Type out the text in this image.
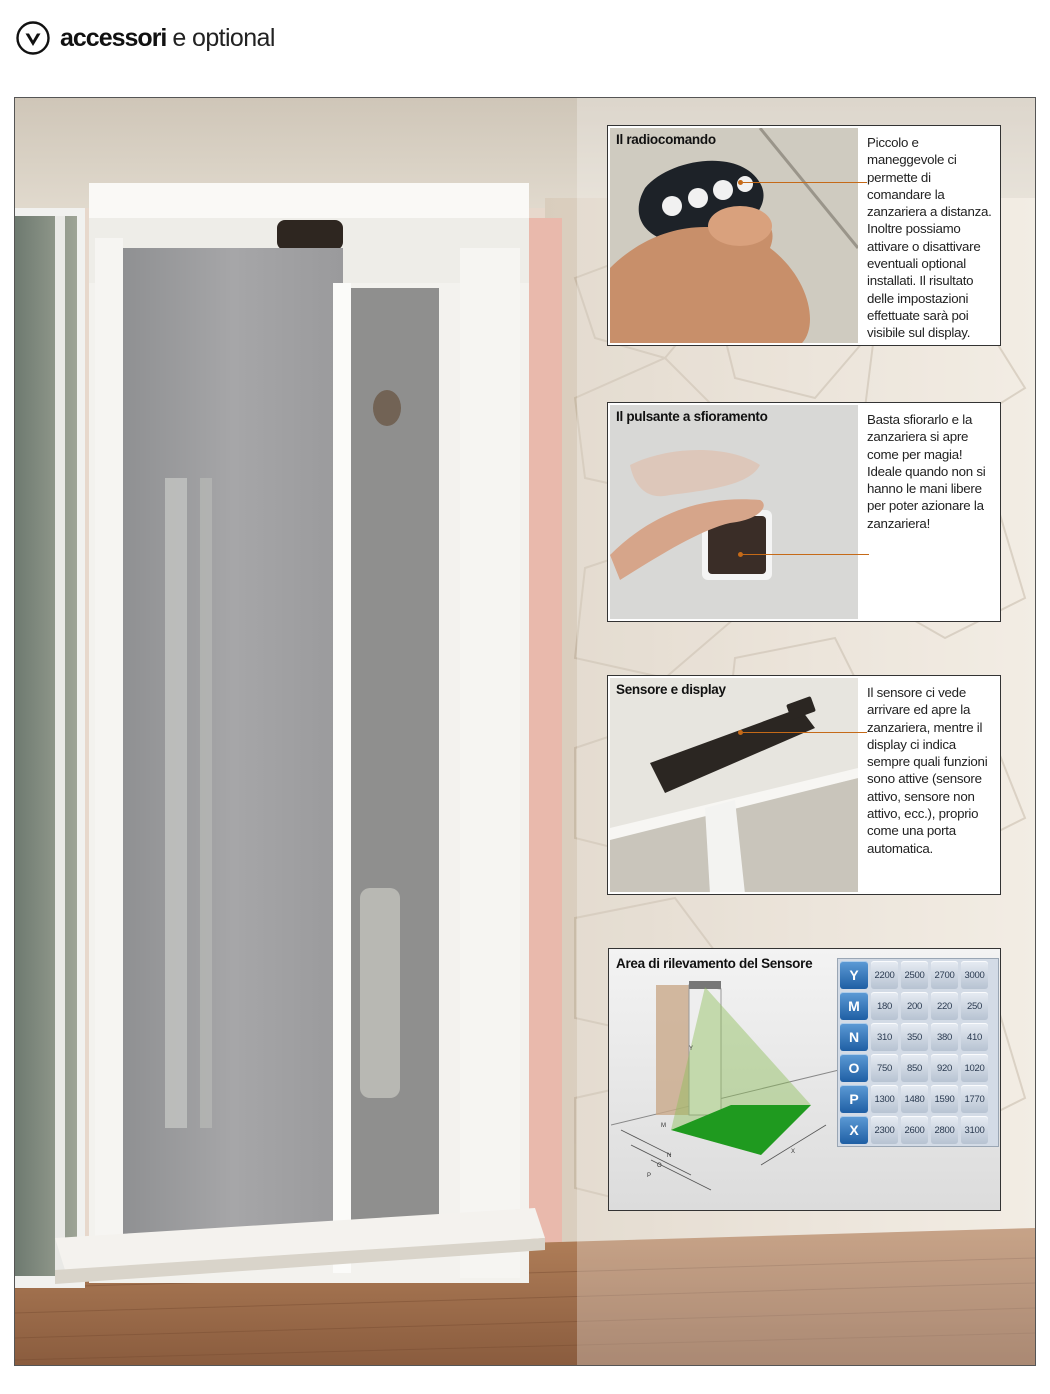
accessori e optional
Il radiocomando	Piccolo e maneggevole ci permette di comandare la zanzariera a distanza. Inoltre possiamo attivare o disattivare eventuali optional installati. Il risultato delle impostazioni effettuate sarà poi visibile sul display.
Il pulsante a sfioramento	Basta sfiorarlo e la zanzariera si apre come per magia! Ideale quando non si hanno le mani libere per poter azionare la zanzariera!
Sensore e display	Il sensore ci vede arrivare ed apre la zanzariera, mentre il display ci indica sempre quali funzioni sono attive (sensore attivo, sensore non attivo, ecc.), proprio come una porta automatica.
Area di rilevamento del Sensore
Y
M
N
O
P
X
Y	2200	2500	2700	3000
M	180	200	220	250
N	310	350	380	410
O	750	850	920	1020
P	1300	1480	1590	1770
X	2300	2600	2800	3100
